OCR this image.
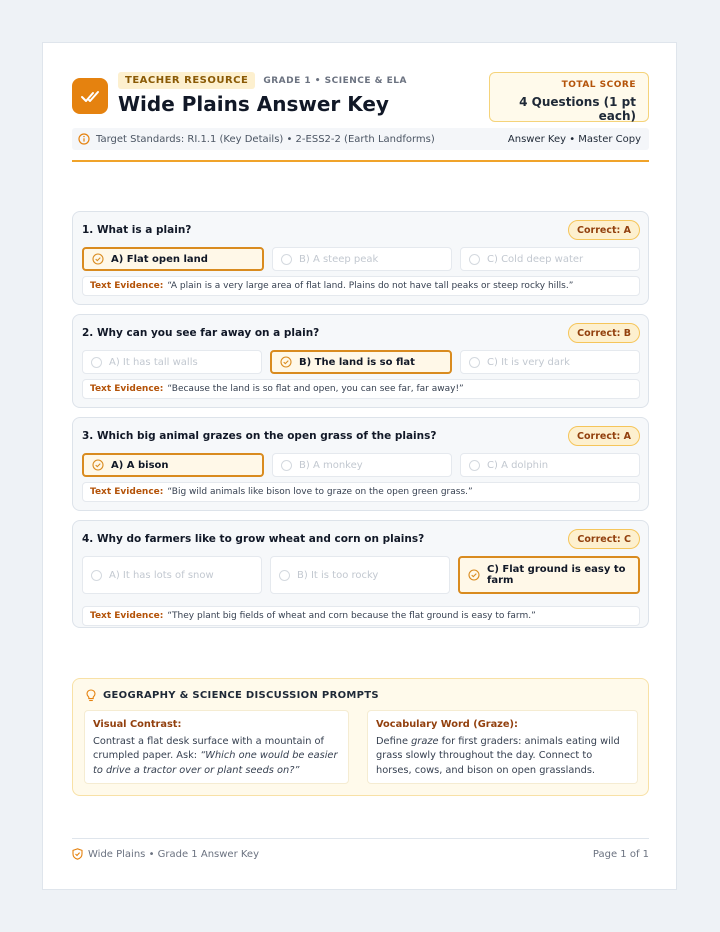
TEACHER RESOURCE	GRADE 1 • SCIENCE & ELA
Wide Plains Answer Key
TOTAL SCORE
4 Questions (1 pt each)
Target Standards: RI.1.1 (Key Details) • 2-ESS2-2 (Earth Landforms)	Answer Key • Master Copy
1. What is a plain?	Correct: A
A) Flat open land	B) A steep peak	C) Cold deep water
Text Evidence: “A plain is a very large area of flat land. Plains do not have tall peaks or steep rocky hills.”
2. Why can you see far away on a plain?	Correct: B
A) It has tall walls	B) The land is so flat	C) It is very dark
Text Evidence: “Because the land is so flat and open, you can see far, far away!”
3. Which big animal grazes on the open grass of the plains?	Correct: A
A) A bison	B) A monkey	C) A dolphin
Text Evidence: “Big wild animals like bison love to graze on the open green grass.”
4. Why do farmers like to grow wheat and corn on plains?	Correct: C
A) It has lots of snow	B) It is too rocky	C) Flat ground is easy to farm
Text Evidence: “They plant big fields of wheat and corn because the flat ground is easy to farm.”
GEOGRAPHY & SCIENCE DISCUSSION PROMPTS
Visual Contrast:
Contrast a flat desk surface with a mountain of crumpled paper. Ask: “Which one would be easier to drive a tractor over or plant seeds on?”
Vocabulary Word (Graze):
Define graze for first graders: animals eating wild grass slowly throughout the day. Connect to horses, cows, and bison on open grasslands.
Wide Plains • Grade 1 Answer Key	Page 1 of 1
